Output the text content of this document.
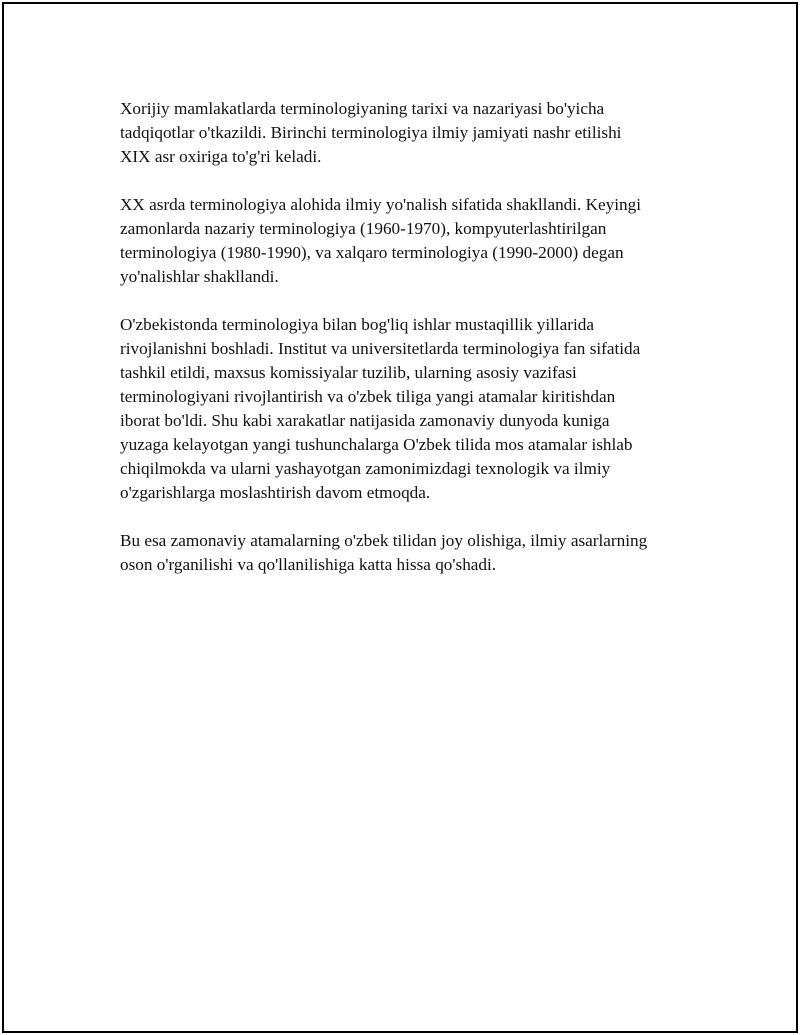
Xorijiy mamlakatlarda terminologiyaning tarixi va nazariyasi bo'yicha
tadqiqotlar o'tkazildi. Birinchi terminologiya ilmiy jamiyati nashr etilishi
XIX asr oxiriga to'g'ri keladi.

XX asrda terminologiya alohida ilmiy yo'nalish sifatida shakllandi. Keyingi
zamonlarda nazariy terminologiya (1960-1970), kompyuterlashtirilgan
terminologiya (1980-1990), va xalqaro terminologiya (1990-2000) degan
yo'nalishlar shakllandi.

O'zbekistonda terminologiya bilan bog'liq ishlar mustaqillik yillarida
rivojlanishni boshladi. Institut va universitetlarda terminologiya fan sifatida
tashkil etildi, maxsus komissiyalar tuzilib, ularning asosiy vazifasi
terminologiyani rivojlantirish va o'zbek tiliga yangi atamalar kiritishdan
iborat bo'ldi. Shu kabi xarakatlar natijasida zamonaviy dunyoda kuniga
yuzaga kelayotgan yangi tushunchalarga O'zbek tilida mos atamalar ishlab
chiqilmokda va ularni yashayotgan zamonimizdagi texnologik va ilmiy
o'zgarishlarga moslashtirish davom etmoqda.

Bu esa zamonaviy atamalarning o'zbek tilidan joy olishiga, ilmiy asarlarning
oson o'rganilishi va qo'llanilishiga katta hissa qo'shadi.
